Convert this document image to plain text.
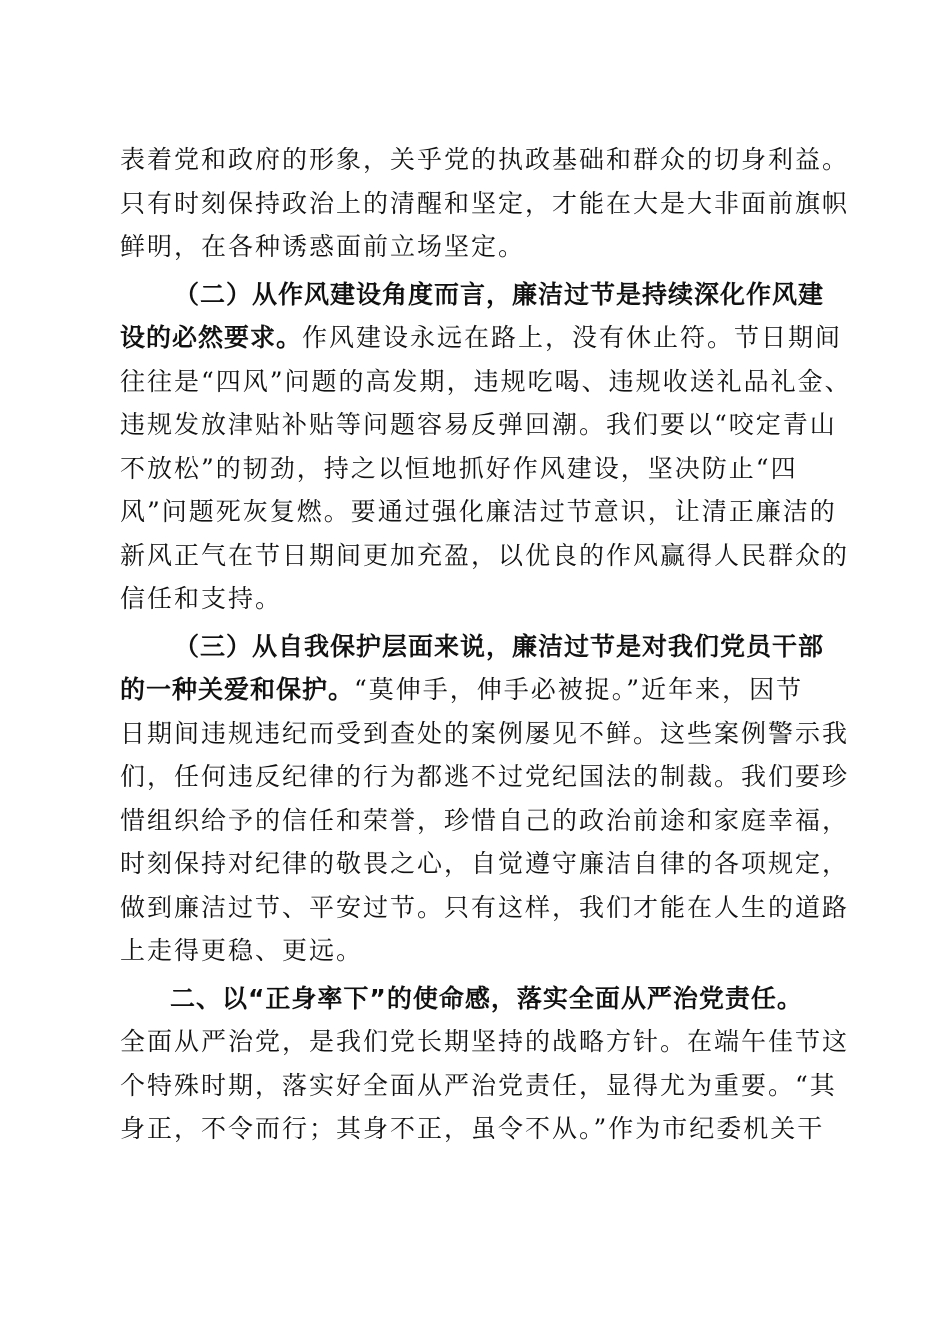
表着党和政府的形象，关乎党的执政基础和群众的切身利益。
只有时刻保持政治上的清醒和坚定，才能在大是大非面前旗帜
鲜明，在各种诱惑面前立场坚定。
（二）从作风建设角度而言，廉洁过节是持续深化作风建
设的必然要求。作风建设永远在路上，没有休止符。节日期间
往往是“四风”问题的高发期，违规吃喝、违规收送礼品礼金、
违规发放津贴补贴等问题容易反弹回潮。我们要以“咬定青山
不放松”的韧劲，持之以恒地抓好作风建设，坚决防止“四
风”问题死灰复燃。要通过强化廉洁过节意识，让清正廉洁的
新风正气在节日期间更加充盈，以优良的作风赢得人民群众的
信任和支持。
（三）从自我保护层面来说，廉洁过节是对我们党员干部
的一种关爱和保护。“莫伸手，伸手必被捉。”近年来，因节
日期间违规违纪而受到查处的案例屡见不鲜。这些案例警示我
们，任何违反纪律的行为都逃不过党纪国法的制裁。我们要珍
惜组织给予的信任和荣誉，珍惜自己的政治前途和家庭幸福，
时刻保持对纪律的敬畏之心，自觉遵守廉洁自律的各项规定，
做到廉洁过节、平安过节。只有这样，我们才能在人生的道路
上走得更稳、更远。
二、以“正身率下”的使命感，落实全面从严治党责任。
全面从严治党，是我们党长期坚持的战略方针。在端午佳节这
个特殊时期，落实好全面从严治党责任，显得尤为重要。“其
身正，不令而行；其身不正，虽令不从。”作为市纪委机关干
